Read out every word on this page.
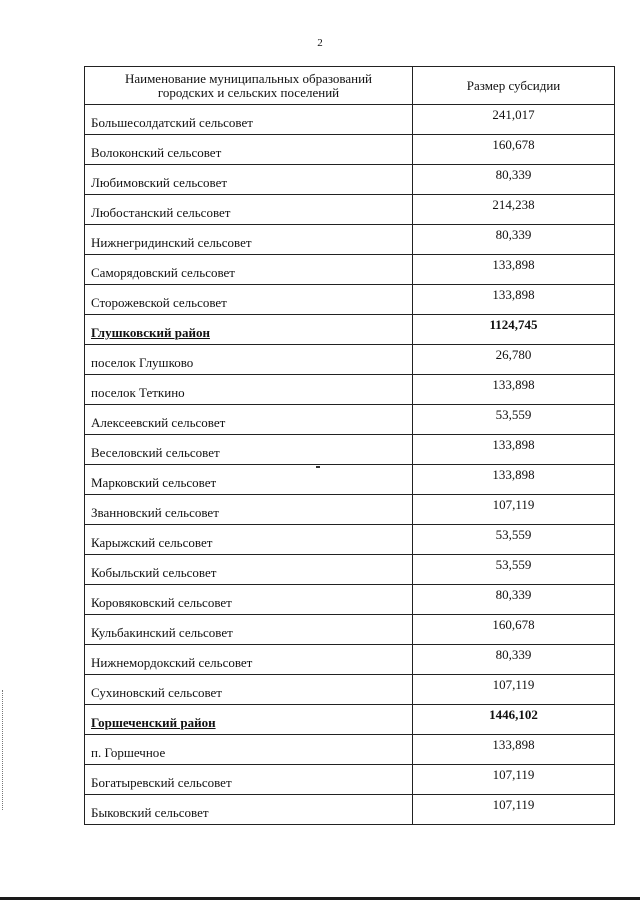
2
Наименование муниципальных образований
городских и сельских поселений	Размер субсидии
Большесолдатский сельсовет	241,017
Волоконский сельсовет	160,678
Любимовский сельсовет	80,339
Любостанский сельсовет	214,238
Нижнегридинский сельсовет	80,339
Саморядовский сельсовет	133,898
Сторожевской сельсовет	133,898
Глушковский район	1124,745
поселок Глушково	26,780
поселок Теткино	133,898
Алексеевский сельсовет	53,559
Веселовский сельсовет	133,898
Марковский сельсовет	133,898
Званновский сельсовет	107,119
Карыжский сельсовет	53,559
Кобыльский сельсовет	53,559
Коровяковский сельсовет	80,339
Кульбакинский сельсовет	160,678
Нижнемордокский сельсовет	80,339
Сухиновский сельсовет	107,119
Горшеченский район	1446,102
п. Горшечное	133,898
Богатыревский сельсовет	107,119
Быковский сельсовет	107,119
